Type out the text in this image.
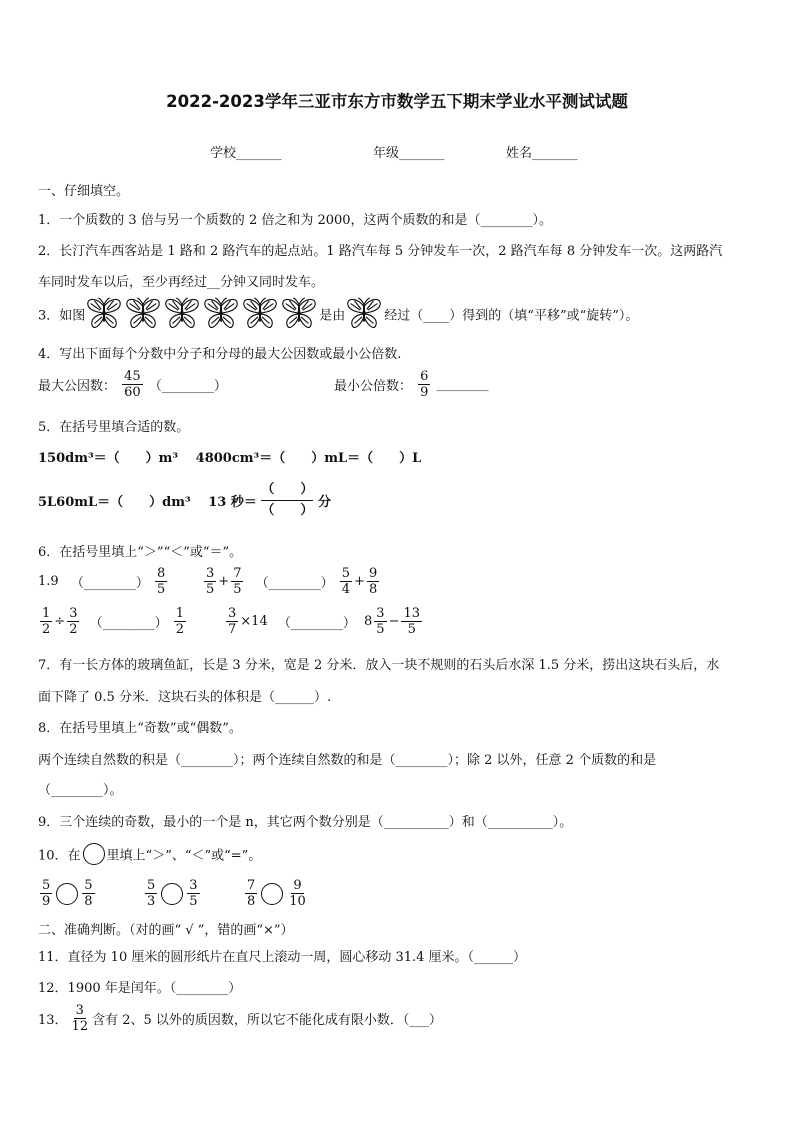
2022-2023学年三亚市东方市数学五下期末学业水平测试试题
学校_______	年级_______	姓名_______
一、仔细填空。
1．一个质数的 3 倍与另一个质数的 2 倍之和为 2000，这两个质数的和是（________）。
2．长汀汽车西客站是 1 路和 2 路汽车的起点站。1 路汽车每 5 分钟发车一次，2 路汽车每 8 分钟发车一次。这两路汽
车同时发车以后，至少再经过__分钟又同时发车。
3．如图	是由	经过（____）得到的（填“平移”或“旋转”）。
4．写出下面每个分数中分子和分母的最大公因数或最小公倍数.
最大公因数： $\frac{45}{60}$ （________）	最小公倍数： $\frac{6}{9}$ ________
5．在括号里填合适的数。
150dm³＝（　　）m³　 4800cm³＝（　　）mL＝（　　）L
5L60mL＝（　　）dm³　 13 秒＝ $\frac{( )}{( )}$ 分
6．在括号里填上“＞”“＜”或“＝”。
1.9 （________） $\frac{8}{5}$	$\frac{3}{5} + \frac{7}{5}$ （________） $\frac{5}{4} + \frac{9}{8}$
$\frac{1}{2} \div \frac{3}{2}$ （________） $\frac{1}{2}$	$\frac{3}{7} \times 14$ （________） $8 \frac{3}{5} - \frac{13}{5}$
7．有一长方体的玻璃鱼缸，长是 3 分米，宽是 2 分米．放入一块不规则的石头后水深 1.5 分米，捞出这块石头后，水
面下降了 0.5 分米．这块石头的体积是（______）.
8．在括号里填上“奇数”或“偶数”。
两个连续自然数的积是（________）；两个连续自然数的和是（________）；除 2 以外，任意 2 个质数的和是
（________）。
9．三个连续的奇数，最小的一个是 n，其它两个数分别是（__________）和（__________）。
10．在 里填上“＞”、“＜”或“=”。
$\frac{5}{9} \frac{5}{8}$	$\frac{5}{3} \frac{3}{5}$	$\frac{7}{8} \frac{9}{10}$
二、准确判断。（对的画“ √ ”，错的画“×”）
11．直径为 10 厘米的圆形纸片在直尺上滚动一周，圆心移动 31.4 厘米。（______）
12．1900 年是闰年。（________）
13． $\frac{3}{12}$ 含有 2、5 以外的质因数，所以它不能化成有限小数．（___）
